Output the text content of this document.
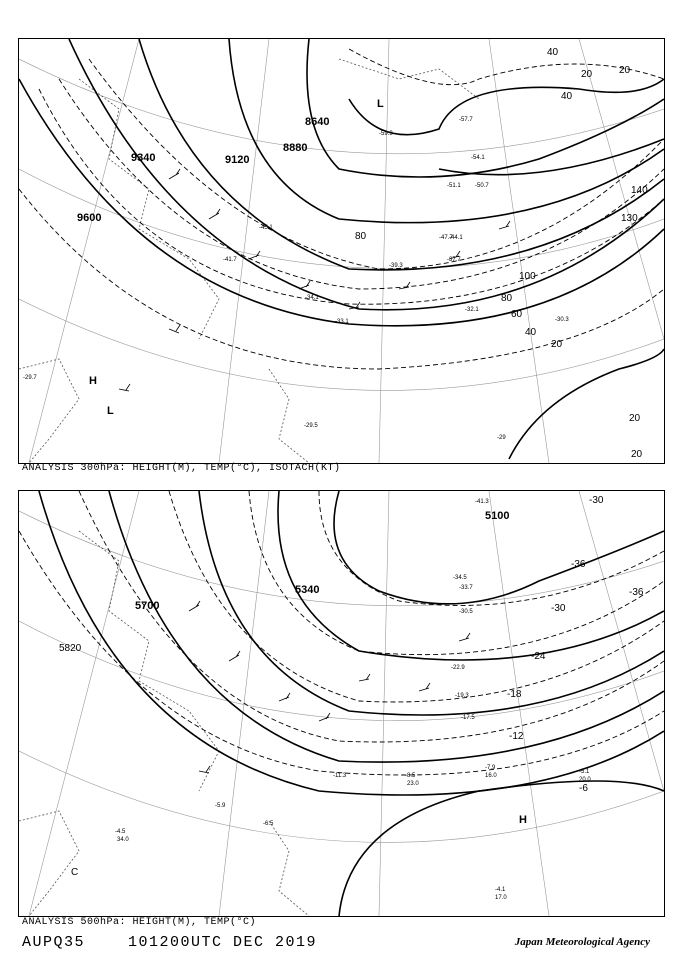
9340	9120
8880
8640
9600
40
20
40
20
140
130
80
100
80
60
40
20
20
20
L
H
L
-59.3
-57.7
-54.1
-51.1 -50.7
-47.7
-45.1
-44.1
-41.7
-39.3
-37.7
-34.1
-33.1
-32.1
-30.3
-29.7
-29.5
-29
ANALYSIS 300hPa: HEIGHT(M), TEMP(°C), ISOTACH(KT)
5700
5820
5340
5100
-30
-36
-36
-30
-24
-18
-12
-6
H
C
-41.3
-34.5
-33.7
-30.5
-22.9
-19.3
-17.5
-11.3	-8.5
-7.9
-6.5
-5.1
-4.1
-4.5
-5.9
34.0
23.0
16.0
17.0
20.0
ANALYSIS 500hPa: HEIGHT(M), TEMP(°C)
AUPQ35	101200UTC DEC 2019	Japan Meteorological Agency
